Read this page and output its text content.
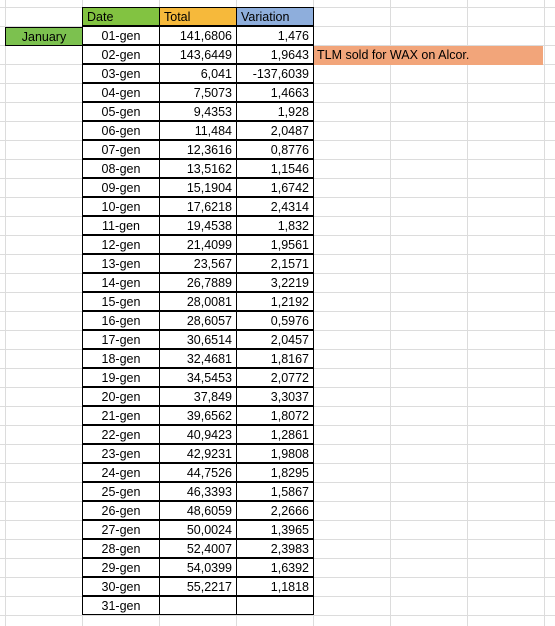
Date	Total	Variation
January
TLM sold for WAX on Alcor.
01-gen	141,6806	1,476
02-gen	143,6449	1,9643
03-gen	6,041	-137,6039
04-gen	7,5073	1,4663
05-gen	9,4353	1,928
06-gen	11,484	2,0487
07-gen	12,3616	0,8776
08-gen	13,5162	1,1546
09-gen	15,1904	1,6742
10-gen	17,6218	2,4314
11-gen	19,4538	1,832
12-gen	21,4099	1,9561
13-gen	23,567	2,1571
14-gen	26,7889	3,2219
15-gen	28,0081	1,2192
16-gen	28,6057	0,5976
17-gen	30,6514	2,0457
18-gen	32,4681	1,8167
19-gen	34,5453	2,0772
20-gen	37,849	3,3037
21-gen	39,6562	1,8072
22-gen	40,9423	1,2861
23-gen	42,9231	1,9808
24-gen	44,7526	1,8295
25-gen	46,3393	1,5867
26-gen	48,6059	2,2666
27-gen	50,0024	1,3965
28-gen	52,4007	2,3983
29-gen	54,0399	1,6392
30-gen	55,2217	1,1818
31-gen
